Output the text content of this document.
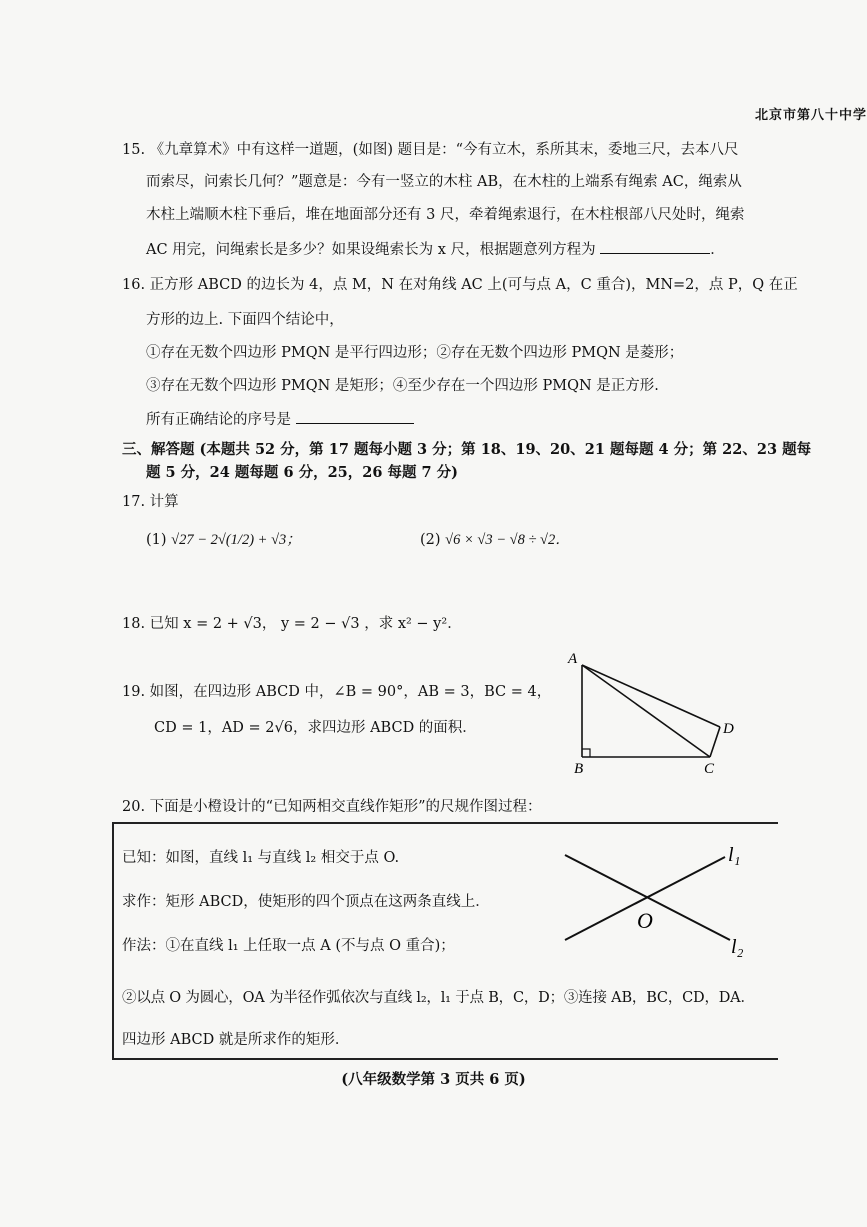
北京市第八十中学
15. 《九章算术》中有这样一道题，(如图) 题目是：“今有立木，系所其末，委地三尺，去本八尺
而索尽，问索长几何？”题意是：今有一竖立的木柱 AB，在木柱的上端系有绳索 AC，绳索从
木柱上端顺木柱下垂后，堆在地面部分还有 3 尺，牵着绳索退行，在木柱根部八尺处时，绳索
AC 用完，问绳索长是多少？如果设绳索长为 x 尺，根据题意列方程为	．
16. 正方形 ABCD 的边长为 4，点 M，N 在对角线 AC 上(可与点 A，C 重合)，MN=2，点 P，Q 在正
方形的边上. 下面四个结论中，
①存在无数个四边形 PMQN 是平行四边形；②存在无数个四边形 PMQN 是菱形；
③存在无数个四边形 PMQN 是矩形；④至少存在一个四边形 PMQN 是正方形.
所有正确结论的序号是
三、解答题 (本题共 52 分，第 17 题每小题 3 分；第 18、19、20、21 题每题 4 分；第 22、23 题每
题 5 分，24 题每题 6 分，25，26 每题 7 分)
17. 计算
(1) √27 − 2√(1/2) + √3；	(2) √6 × √3 − √8 ÷ √2．
18. 已知 x = 2 + √3， y = 2 − √3 ，求 x² − y²．
19. 如图，在四边形 ABCD 中，∠B = 90°，AB = 3，BC = 4，
CD = 1，AD = 2√6，求四边形 ABCD 的面积．
A
B	C
D
20. 下面是小橙设计的“已知两相交直线作矩形”的尺规作图过程：
已知：如图，直线 l₁ 与直线 l₂ 相交于点 O.
求作：矩形 ABCD，使矩形的四个顶点在这两条直线上．
作法：①在直线 l₁ 上任取一点 A (不与点 O 重合)；
②以点 O 为圆心，OA 为半径作弧依次与直线 l₂，l₁ 于点 B，C，D；③连接 AB，BC，CD，DA．
四边形 ABCD 就是所求作的矩形．
l₁
l₂
O
(八年级数学第 3 页共 6 页)
